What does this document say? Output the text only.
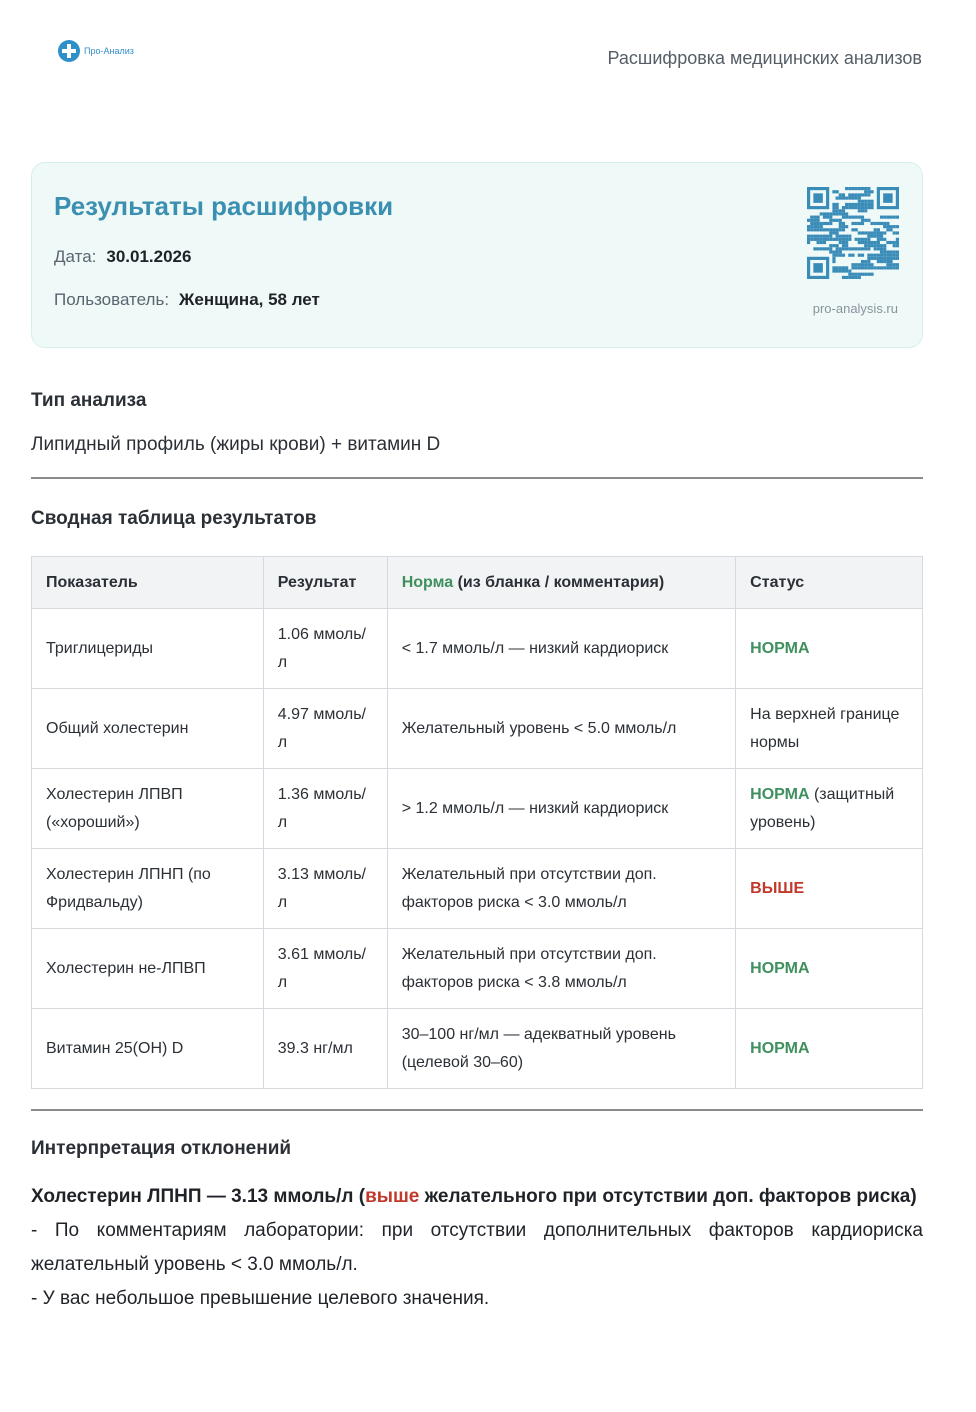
Про-Анализ	Расшифровка медицинских анализов
Результаты расшифровки
Дата: 30.01.2026
Пользователь: Женщина, 58 лет	pro-analysis.ru
Тип анализа
Липидный профиль (жиры крови) + витамин D
Сводная таблица результатов
Показатель	Результат	Норма (из бланка / комментария)	Статус
Триглицериды	1.06 ммоль/л	< 1.7 ммоль/л — низкий кардиориск	НОРМА
Общий холестерин	4.97 ммоль/л	Желательный уровень < 5.0 ммоль/л	На верхней границе нормы
Холестерин ЛПВП («хороший»)	1.36 ммоль/л	> 1.2 ммоль/л — низкий кардиориск	НОРМА (защитный уровень)
Холестерин ЛПНП (по Фридвальду)	3.13 ммоль/л	Желательный при отсутствии доп. факторов риска < 3.0 ммоль/л	ВЫШЕ
Холестерин не-ЛПВП	3.61 ммоль/л	Желательный при отсутствии доп. факторов риска < 3.8 ммоль/л	НОРМА
Витамин 25(OH) D	39.3 нг/мл	30–100 нг/мл — адекватный уровень (целевой 30–60)	НОРМА
Интерпретация отклонений

Холестерин ЛПНП — 3.13 ммоль/л (выше желательного при отсутствии доп. факторов риска)

- По комментариям лаборатории: при отсутствии дополнительных факторов кардиориска желательный уровень < 3.0 ммоль/л.

- У вас небольшое превышение целевого значения.
